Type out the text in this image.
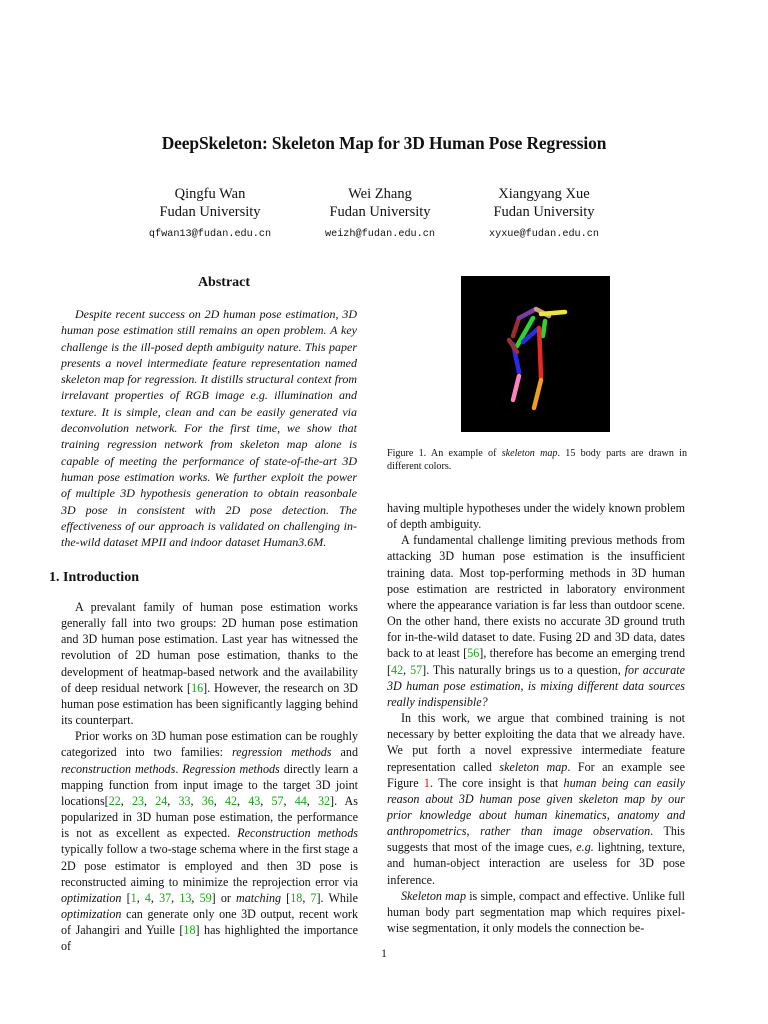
DeepSkeleton: Skeleton Map for 3D Human Pose Regression
Qingfu Wan
Fudan University
qfwan13@fudan.edu.cn
Wei Zhang
Fudan University
weizh@fudan.edu.cn
Xiangyang Xue
Fudan University
xyxue@fudan.edu.cn
Abstract
Despite recent success on 2D human pose estimation, 3D human pose estimation still remains an open problem. A key challenge is the ill-posed depth ambiguity nature. This paper presents a novel intermediate feature representation named skeleton map for regression. It distills structural context from irrelavant properties of RGB image e.g. illumination and texture. It is simple, clean and can be easily generated via deconvolution network. For the first time, we show that training regression network from skeleton map alone is capable of meeting the performance of state-of-the-art 3D human pose estimation works. We further exploit the power of multiple 3D hypothesis generation to obtain reasonbale 3D pose in consistent with 2D pose detection. The effectiveness of our approach is validated on challenging in-the-wild dataset MPII and indoor dataset Human3.6M.
1. Introduction

A prevalant family of human pose estimation works generally fall into two groups: 2D human pose estimation and 3D human pose estimation. Last year has witnessed the revolution of 2D human pose estimation, thanks to the development of heatmap-based network and the availability of deep residual network [16]. However, the research on 3D human pose estimation has been significantly lagging behind its counterpart.

Prior works on 3D human pose estimation can be roughly categorized into two families: regression methods and reconstruction methods. Regression methods directly learn a mapping function from input image to the target 3D joint locations[22, 23, 24, 33, 36, 42, 43, 57, 44, 32]. As popularized in 3D human pose estimation, the performance is not as excellent as expected. Reconstruction methods typically follow a two-stage schema where in the first stage a 2D pose estimator is employed and then 3D pose is reconstructed aiming to minimize the reprojection error via optimization [1, 4, 37, 13, 59] or matching [18, 7]. While optimization can generate only one 3D output, recent work of Jahangiri and Yuille [18] has highlighted the importance of

Figure 1. An example of skeleton map. 15 body parts are drawn in different colors.

having multiple hypotheses under the widely known problem of depth ambiguity.

A fundamental challenge limiting previous methods from attacking 3D human pose estimation is the insufficient training data. Most top-performing methods in 3D human pose estimation are restricted in laboratory environment where the appearance variation is far less than outdoor scene. On the other hand, there exists no accurate 3D ground truth for in-the-wild dataset to date. Fusing 2D and 3D data, dates back to at least [56], therefore has become an emerging trend [42, 57]. This naturally brings us to a question, for accurate 3D human pose estimation, is mixing different data sources really indispensible?

In this work, we argue that combined training is not necessary by better exploiting the data that we already have. We put forth a novel expressive intermediate feature representation called skeleton map. For an example see Figure 1. The core insight is that human being can easily reason about 3D human pose given skeleton map by our prior knowledge about human kinematics, anatomy and anthropometrics, rather than image observation. This suggests that most of the image cues, e.g. lightning, texture, and human-object interaction are useless for 3D pose inference.

Skeleton map is simple, compact and effective. Unlike full human body part segmentation map which requires pixel-wise segmentation, it only models the connection be-

1
